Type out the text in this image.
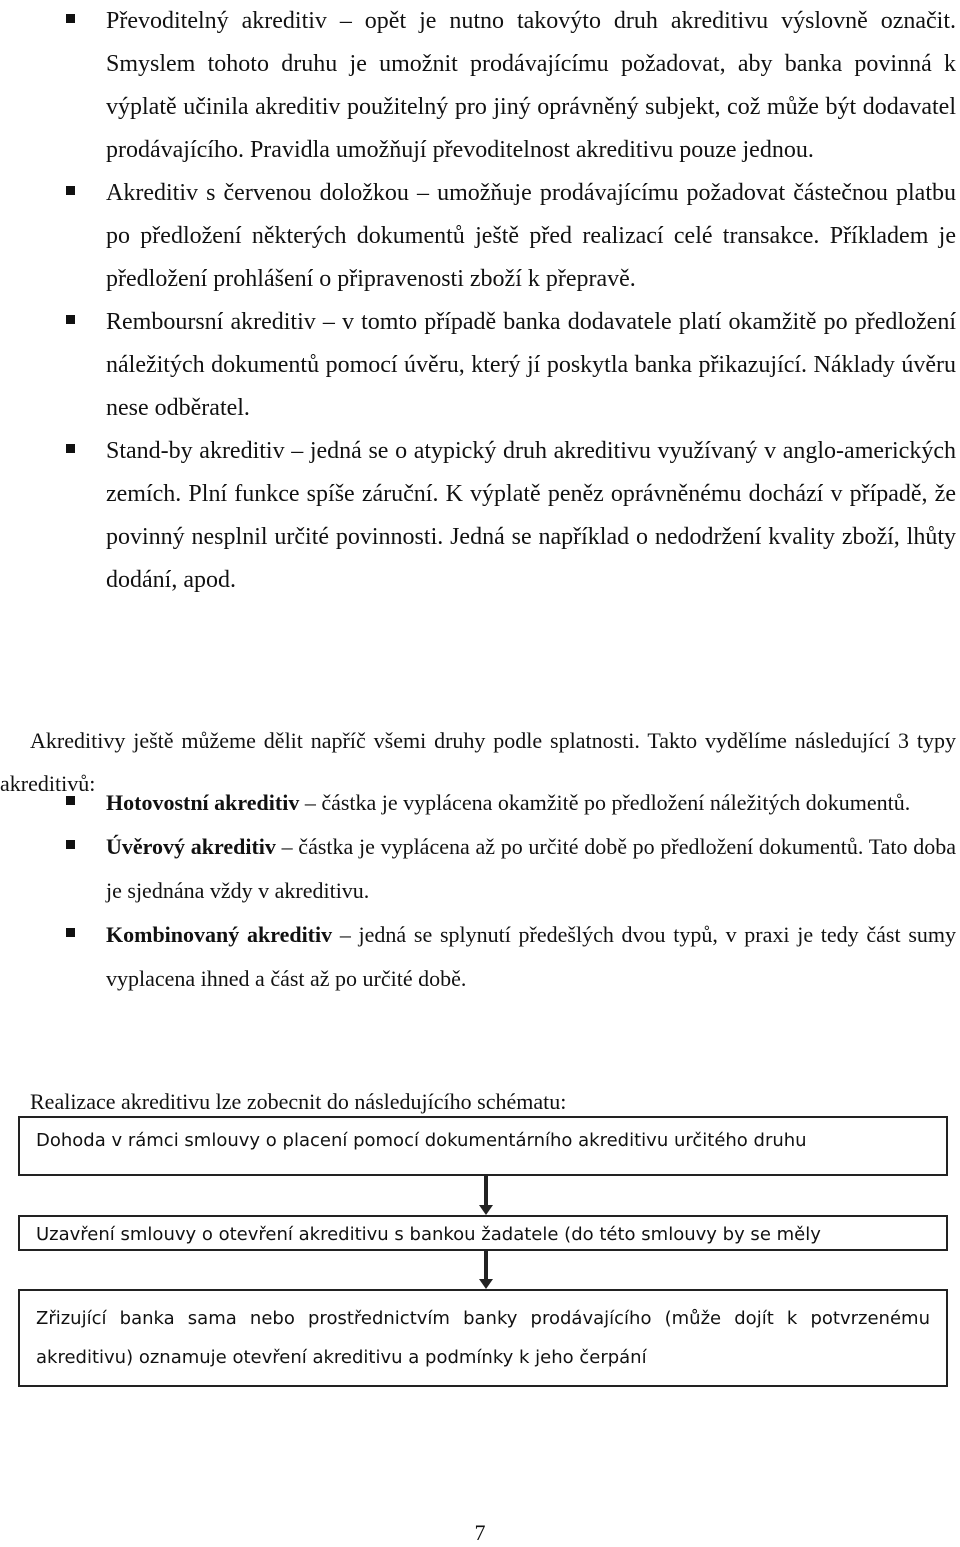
Převoditelný akreditiv – opět je nutno takovýto druh akreditivu výslovně označit. Smyslem tohoto druhu je umožnit prodávajícímu požadovat, aby banka povinná k výplatě učinila akreditiv použitelný pro jiný oprávněný subjekt, což může být dodavatel prodávajícího. Pravidla umožňují převoditelnost akreditivu pouze jednou.
Akreditiv s červenou doložkou – umožňuje prodávajícímu požadovat částečnou platbu po předložení některých dokumentů ještě před realizací celé transakce. Příkladem je předložení prohlášení o připravenosti zboží k přepravě.
Remboursní akreditiv – v tomto případě banka dodavatele platí okamžitě po předložení náležitých dokumentů pomocí úvěru, který jí poskytla banka přikazující. Náklady úvěru nese odběratel.
Stand-by akreditiv – jedná se o atypický druh akreditivu využívaný v anglo-amerických zemích. Plní funkce spíše záruční. K výplatě peněz oprávněnému dochází v případě, že povinný nesplnil určité povinnosti. Jedná se například o nedodržení kvality zboží, lhůty dodání, apod.

Akreditivy ještě můžeme dělit napříč všemi druhy podle splatnosti. Takto vydělíme následující 3 typy akreditivů:

Hotovostní akreditiv – částka je vyplácena okamžitě po předložení náležitých dokumentů.
Úvěrový akreditiv – částka je vyplácena až po určité době po předložení dokumentů. Tato doba je sjednána vždy v akreditivu.
Kombinovaný akreditiv – jedná se splynutí předešlých dvou typů, v praxi je tedy část sumy vyplacena ihned a část až po určité době.

Realizace akreditivu lze zobecnit do následujícího schématu:

Dohoda v rámci smlouvy o placení pomocí dokumentárního akreditivu určitého druhu
Uzavření smlouvy o otevření akreditivu s bankou žadatele (do této smlouvy by se měly
Zřizující banka sama nebo prostřednictvím banky prodávajícího (může dojít k potvrzenému akreditivu) oznamuje otevření akreditivu a podmínky k jeho čerpání
7
